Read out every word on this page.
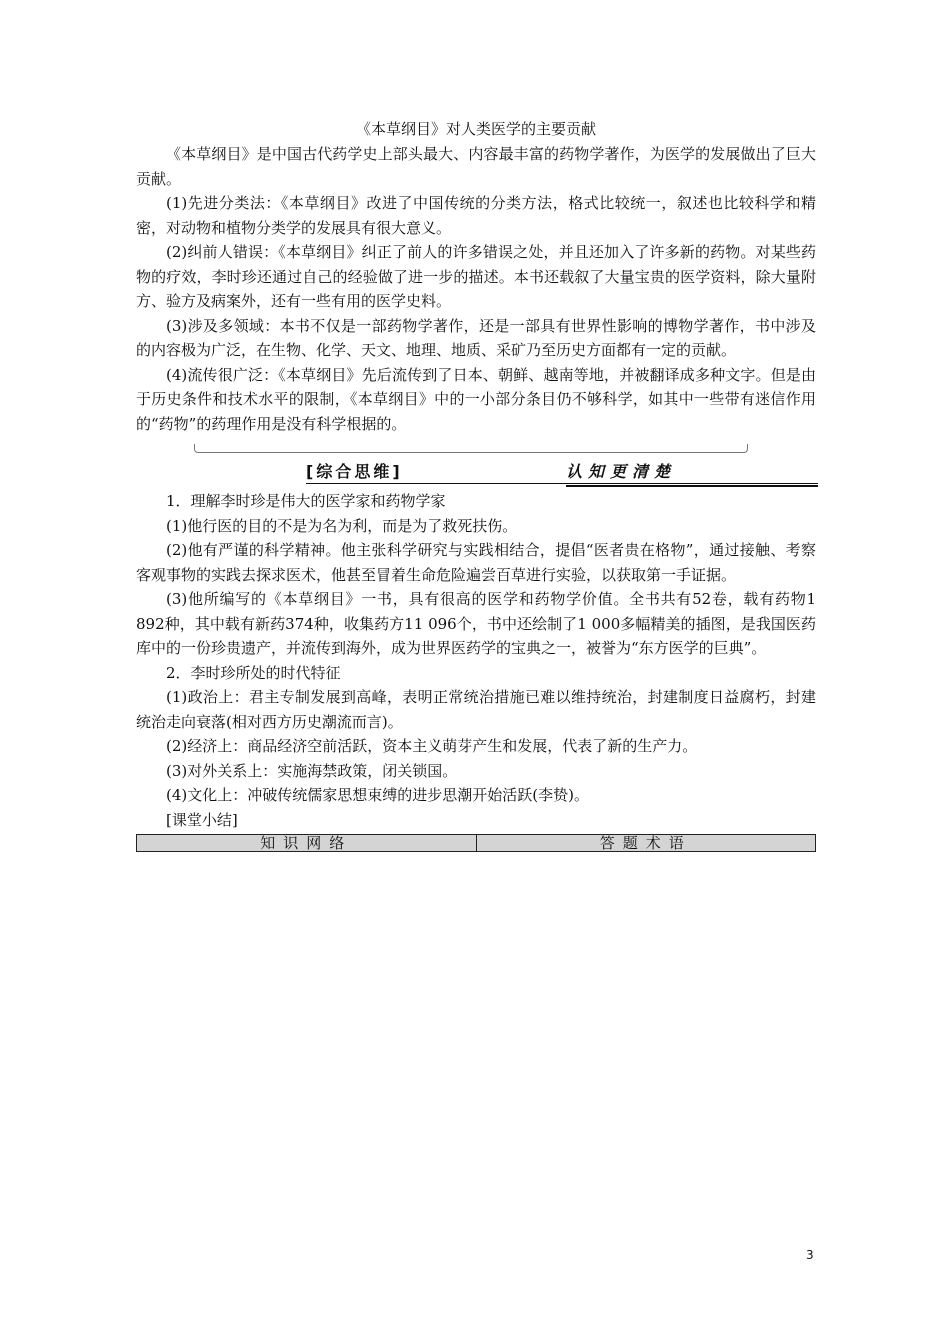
《本草纲目》对人类医学的主要贡献

《本草纲目》是中国古代药学史上部头最大、内容最丰富的药物学著作，为医学的发展做出了巨大贡献。

(1)先进分类法：《本草纲目》改进了中国传统的分类方法，格式比较统一，叙述也比较科学和精密，对动物和植物分类学的发展具有很大意义。

(2)纠前人错误：《本草纲目》纠正了前人的许多错误之处，并且还加入了许多新的药物。对某些药物的疗效，李时珍还通过自己的经验做了进一步的描述。本书还载叙了大量宝贵的医学资料，除大量附方、验方及病案外，还有一些有用的医学史料。

(3)涉及多领域：本书不仅是一部药物学著作，还是一部具有世界性影响的博物学著作，书中涉及的内容极为广泛，在生物、化学、天文、地理、地质、采矿乃至历史方面都有一定的贡献。

(4)流传很广泛：《本草纲目》先后流传到了日本、朝鲜、越南等地，并被翻译成多种文字。但是由于历史条件和技术水平的限制，《本草纲目》中的一小部分条目仍不够科学，如其中一些带有迷信作用的“药物”的药理作用是没有科学根据的。

[综合思维]	认知更清楚

1．理解李时珍是伟大的医学家和药物学家

(1)他行医的目的不是为名为利，而是为了救死扶伤。

(2)他有严谨的科学精神。他主张科学研究与实践相结合，提倡“医者贵在格物”，通过接触、考察客观事物的实践去探求医术，他甚至冒着生命危险遍尝百草进行实验，以获取第一手证据。

(3)他所编写的《本草纲目》一书，具有很高的医学和药物学价值。全书共有52卷，载有药物1 892种，其中载有新药374种，收集药方11 096个，书中还绘制了1 000多幅精美的插图，是我国医药库中的一份珍贵遗产，并流传到海外，成为世界医药学的宝典之一，被誉为“东方医学的巨典”。

2．李时珍所处的时代特征

(1)政治上：君主专制发展到高峰，表明正常统治措施已难以维持统治，封建制度日益腐朽，封建统治走向衰落(相对西方历史潮流而言)。

(2)经济上：商品经济空前活跃，资本主义萌芽产生和发展，代表了新的生产力。

(3)对外关系上：实施海禁政策，闭关锁国。

(4)文化上：冲破传统儒家思想束缚的进步思潮开始活跃(李贽)。

[课堂小结]

知识网络	答题术语
3
